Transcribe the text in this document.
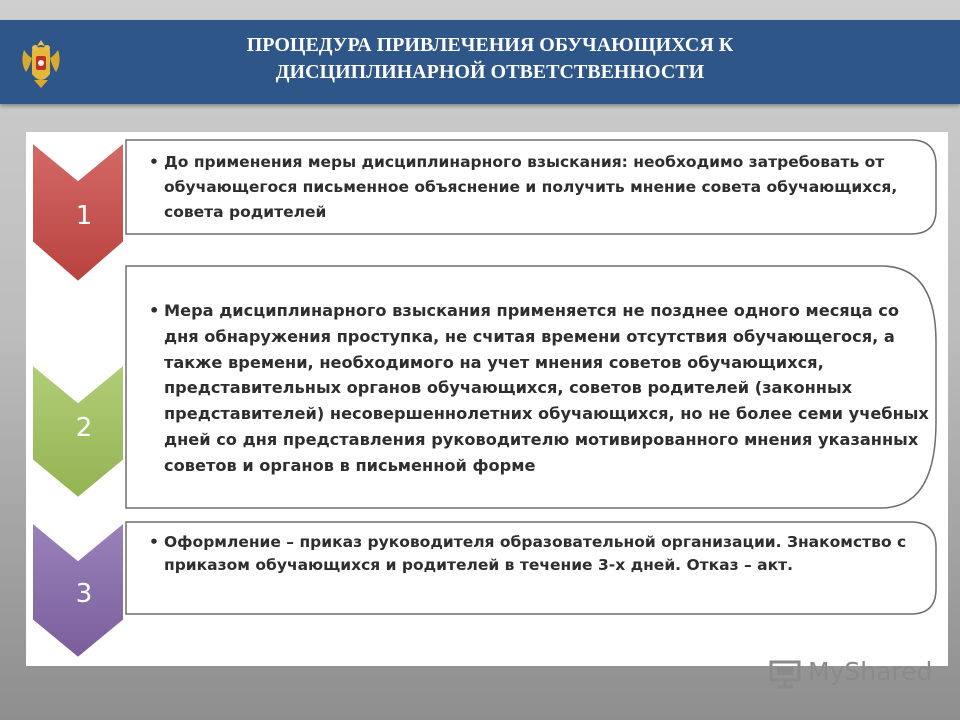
ПРОЦЕДУРА ПРИВЛЕЧЕНИЯ ОБУЧАЮЩИХСЯ К
ДИСЦИПЛИНАРНОЙ ОТВЕТСТВЕННОСТИ
1
2
3
• До применения меры дисциплинарного взыскания: необходимо затребовать от обучающегося письменное объяснение и получить мнение совета обучающихся, совета родителей
• Мера дисциплинарного взыскания применяется не позднее одного месяца со дня обнаружения проступка, не считая времени отсутствия обучающегося, а также времени, необходимого на учет мнения советов обучающихся, представительных органов обучающихся, советов родителей (законных представителей) несовершеннолетних обучающихся, но не более семи учебных дней со дня представления руководителю мотивированного мнения указанных советов и органов в письменной форме
• Оформление – приказ руководителя образовательной организации. Знакомство с приказом обучающихся и родителей в течение 3-х дней. Отказ – акт.
MyShared
